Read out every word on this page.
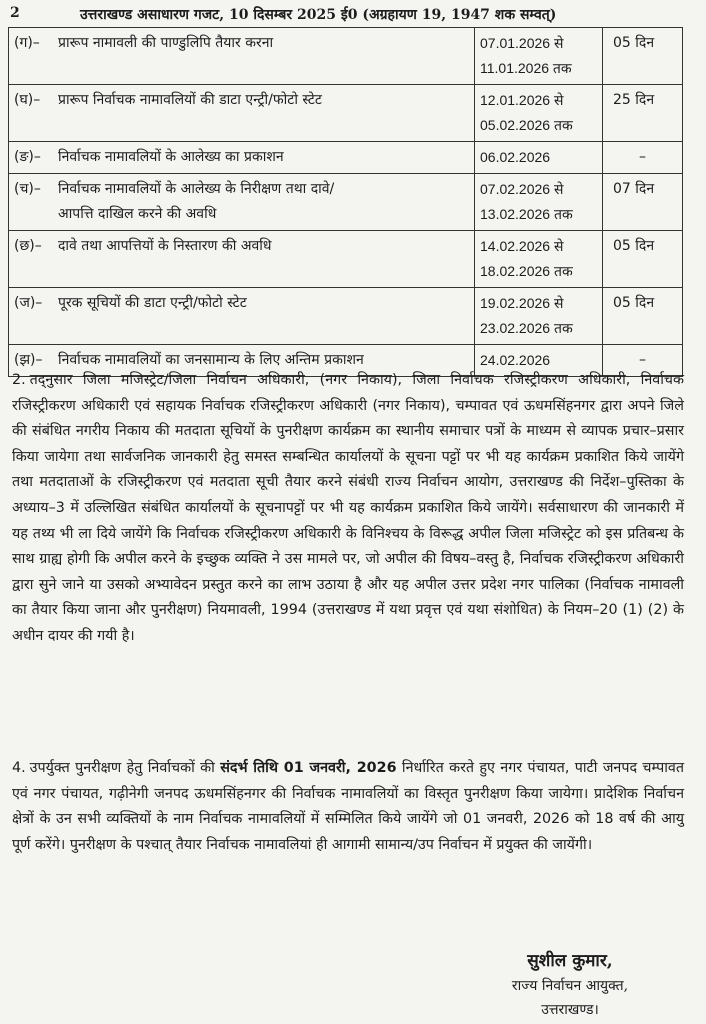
2	उत्तराखण्ड असाधारण गजट, 10 दिसम्बर 2025 ई0 (अग्रहायण 19, 1947 शक सम्वत्)
(ग)– प्रारूप नामावली की पाण्डुलिपि तैयार करना	07.01.2026 से
11.01.2026 तक	05 दिन
(घ)– प्रारूप निर्वाचक नामावलियों की डाटा एन्ट्री/फोटो स्टेट	12.01.2026 से
05.02.2026 तक	25 दिन
(ङ)– निर्वाचक नामावलियों के आलेख्य का प्रकाशन	06.02.2026	–
(च)– निर्वाचक नामावलियों के आलेख्य के निरीक्षण तथा दावे/
आपत्ति दाखिल करने की अवधि	07.02.2026 से
13.02.2026 तक	07 दिन
(छ)– दावे तथा आपत्तियों के निस्तारण की अवधि	14.02.2026 से
18.02.2026 तक	05 दिन
(ज)– पूरक सूचियों की डाटा एन्ट्री/फोटो स्टेट	19.02.2026 से
23.02.2026 तक	05 दिन
(झ)– निर्वाचक नामावलियों का जनसामान्य के लिए अन्तिम प्रकाशन	24.02.2026	–
2. तद्नुसार जिला मजिस्ट्रेट/जिला निर्वाचन अधिकारी, (नगर निकाय), जिला निर्वाचक रजिस्ट्रीकरण अधिकारी, निर्वाचक रजिस्ट्रीकरण अधिकारी एवं सहायक निर्वाचक रजिस्ट्रीकरण अधिकारी (नगर निकाय), चम्पावत एवं ऊधमसिंहनगर द्वारा अपने जिले की संबंधित नगरीय निकाय की मतदाता सूचियों के पुनरीक्षण कार्यक्रम का स्थानीय समाचार पत्रों के माध्यम से व्यापक प्रचार–प्रसार किया जायेगा तथा सार्वजनिक जानकारी हेतु समस्त सम्बन्धित कार्यालयों के सूचना पट्टों पर भी यह कार्यक्रम प्रकाशित किये जायेंगे तथा मतदाताओं के रजिस्ट्रीकरण एवं मतदाता सूची तैयार करने संबंधी राज्य निर्वाचन आयोग, उत्तराखण्ड की निर्देश–पुस्तिका के अध्याय–3 में उल्लिखित संबंधित कार्यालयों के सूचनापट्टों पर भी यह कार्यक्रम प्रकाशित किये जायेंगे। सर्वसाधारण की जानकारी में यह तथ्य भी ला दिये जायेंगे कि निर्वाचक रजिस्ट्रीकरण अधिकारी के विनिश्चय के विरूद्ध अपील जिला मजिस्ट्रेट को इस प्रतिबन्ध के साथ ग्राह्य होगी कि अपील करने के इच्छुक व्यक्ति ने उस मामले पर, जो अपील की विषय–वस्तु है, निर्वाचक रजिस्ट्रीकरण अधिकारी द्वारा सुने जाने या उसको अभ्यावेदन प्रस्तुत करने का लाभ उठाया है और यह अपील उत्तर प्रदेश नगर पालिका (निर्वाचक नामावली का तैयार किया जाना और पुनरीक्षण) नियमावली, 1994 (उत्तराखण्ड में यथा प्रवृत्त एवं यथा संशोधित) के नियम–20 (1) (2) के अधीन दायर की गयी है।
4. उपर्युक्त पुनरीक्षण हेतु निर्वाचकों की संदर्भ तिथि 01 जनवरी, 2026 निर्धारित करते हुए नगर पंचायत, पाटी जनपद चम्पावत एवं नगर पंचायत, गढ़ीनेगी जनपद ऊधमसिंहनगर की निर्वाचक नामावलियों का विस्तृत पुनरीक्षण किया जायेगा। प्रादेशिक निर्वाचन क्षेत्रों के उन सभी व्यक्तियों के नाम निर्वाचक नामावलियों में सम्मिलित किये जायेंगे जो 01 जनवरी, 2026 को 18 वर्ष की आयु पूर्ण करेंगे। पुनरीक्षण के पश्चात् तैयार निर्वाचक नामावलियां ही आगामी सामान्य/उप निर्वाचन में प्रयुक्त की जायेंगी।
सुशील कुमार,
राज्य निर्वाचन आयुक्त,
उत्तराखण्ड।
